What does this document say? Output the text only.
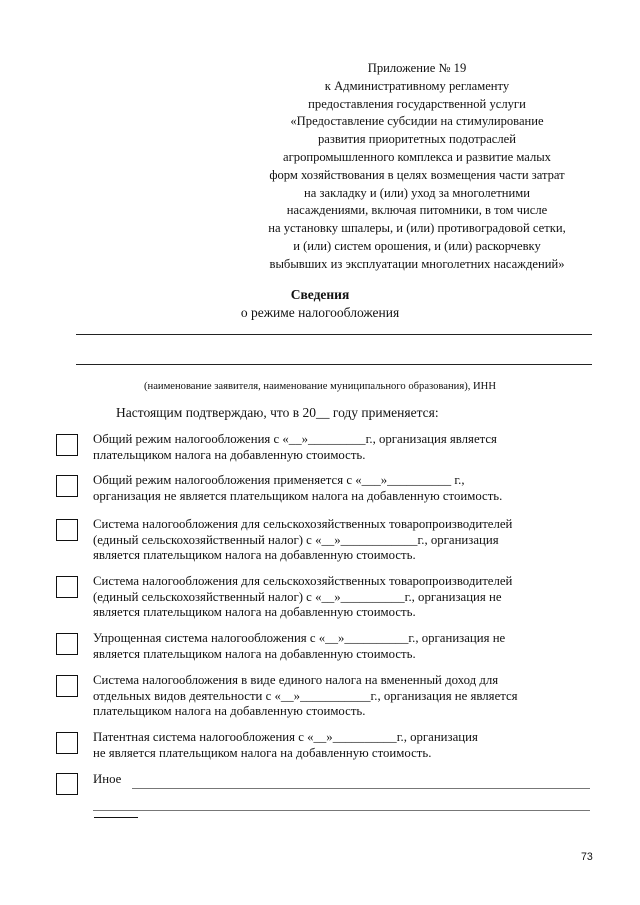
Приложение № 19
к Административному регламенту
предоставления государственной услуги
«Предоставление субсидии на стимулирование
развития приоритетных подотраслей
агропромышленного комплекса и развитие малых
форм хозяйствования в целях возмещения части затрат
на закладку и (или) уход за многолетними
насаждениями, включая питомники, в том числе
на установку шпалеры, и (или) противоградовой сетки,
и (или) систем орошения, и (или) раскорчевку
выбывших из эксплуатации многолетних насаждений»
Сведения
о режиме налогообложения
(наименование заявителя, наименование муниципального образования), ИНН
Настоящим подтверждаю, что в 20__ году применяется:
Общий режим налогообложения с «__»_________г., организация является
плательщиком налога на добавленную стоимость.
Общий режим налогообложения применяется с «___»__________ г.,
организация не является плательщиком налога на добавленную стоимость.
Система налогообложения для сельскохозяйственных товаропроизводителей
(единый сельскохозяйственный налог) с «__»____________г., организация
является плательщиком налога на добавленную стоимость.
Система налогообложения для сельскохозяйственных товаропроизводителей
(единый сельскохозяйственный налог) с «__»__________г., организация не
является плательщиком налога на добавленную стоимость.
Упрощенная система налогообложения с «__»__________г., организация не
является плательщиком налога на добавленную стоимость.
Система налогообложения в виде единого налога на вмененный доход для
отдельных видов деятельности с «__»___________г., организация не является
плательщиком налога на добавленную стоимость.
Патентная система налогообложения с «__»__________г., организация
не является плательщиком налога на добавленную стоимость.
Иное
73
